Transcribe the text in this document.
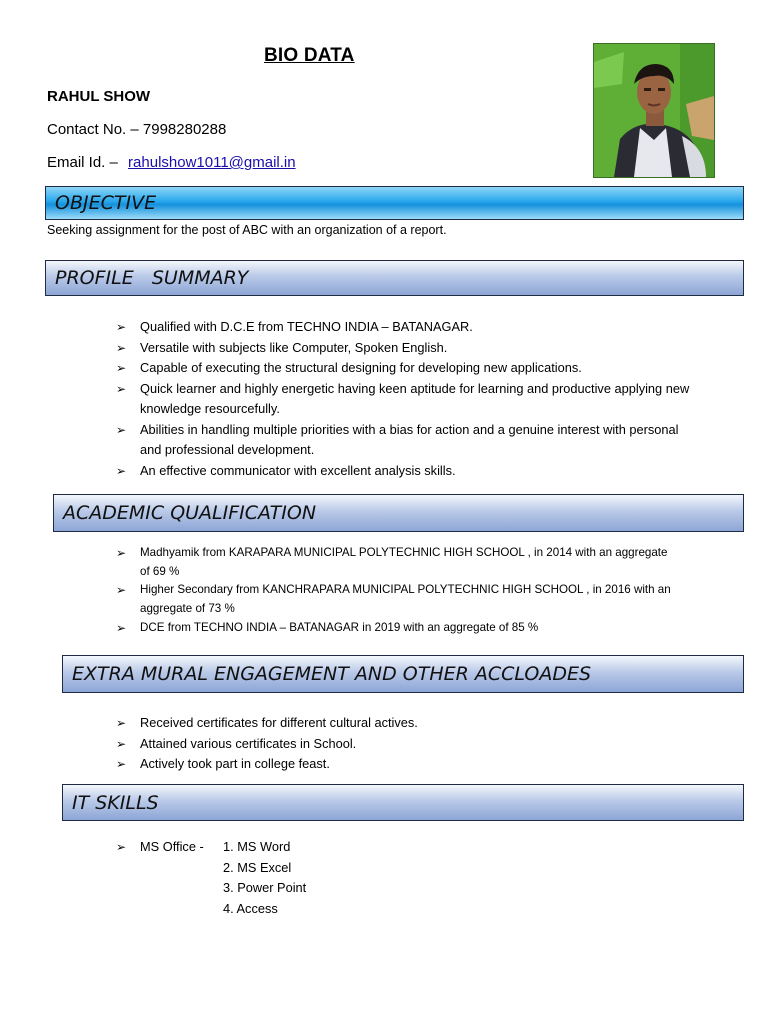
BIO DATA
RAHUL SHOW
Contact No. – 7998280288
Email Id. – rahulshow1011@gmail.in
OBJECTIVE
Seeking assignment for the post of ABC with an organization of a report.
PROFILE   SUMMARY
➢ Qualified with D.C.E from TECHNO INDIA – BATANAGAR.
➢ Versatile with subjects like Computer, Spoken English.
➢ Capable of executing the structural designing for developing new applications.
➢ Quick learner and highly energetic having keen aptitude for learning and productive applying new knowledge resourcefully.
➢ Abilities in handling multiple priorities with a bias for action and a genuine interest with personal and professional development.
➢ An effective communicator with excellent analysis skills.
ACADEMIC QUALIFICATION
➢ Madhyamik from KARAPARA MUNICIPAL POLYTECHNIC HIGH SCHOOL , in 2014 with an aggregate of 69 %
➢ Higher Secondary from KANCHRAPARA MUNICIPAL POLYTECHNIC HIGH SCHOOL , in 2016 with an aggregate of 73 %
➢ DCE from TECHNO INDIA – BATANAGAR in 2019 with an aggregate of 85 %
EXTRA MURAL ENGAGEMENT AND OTHER ACCLOADES
➢ Received certificates for different cultural actives.
➢ Attained various certificates in School.
➢ Actively took part in college feast.
IT SKILLS
➢ MS Office -	1. MS Word
2. MS Excel
3. Power Point
4. Access
